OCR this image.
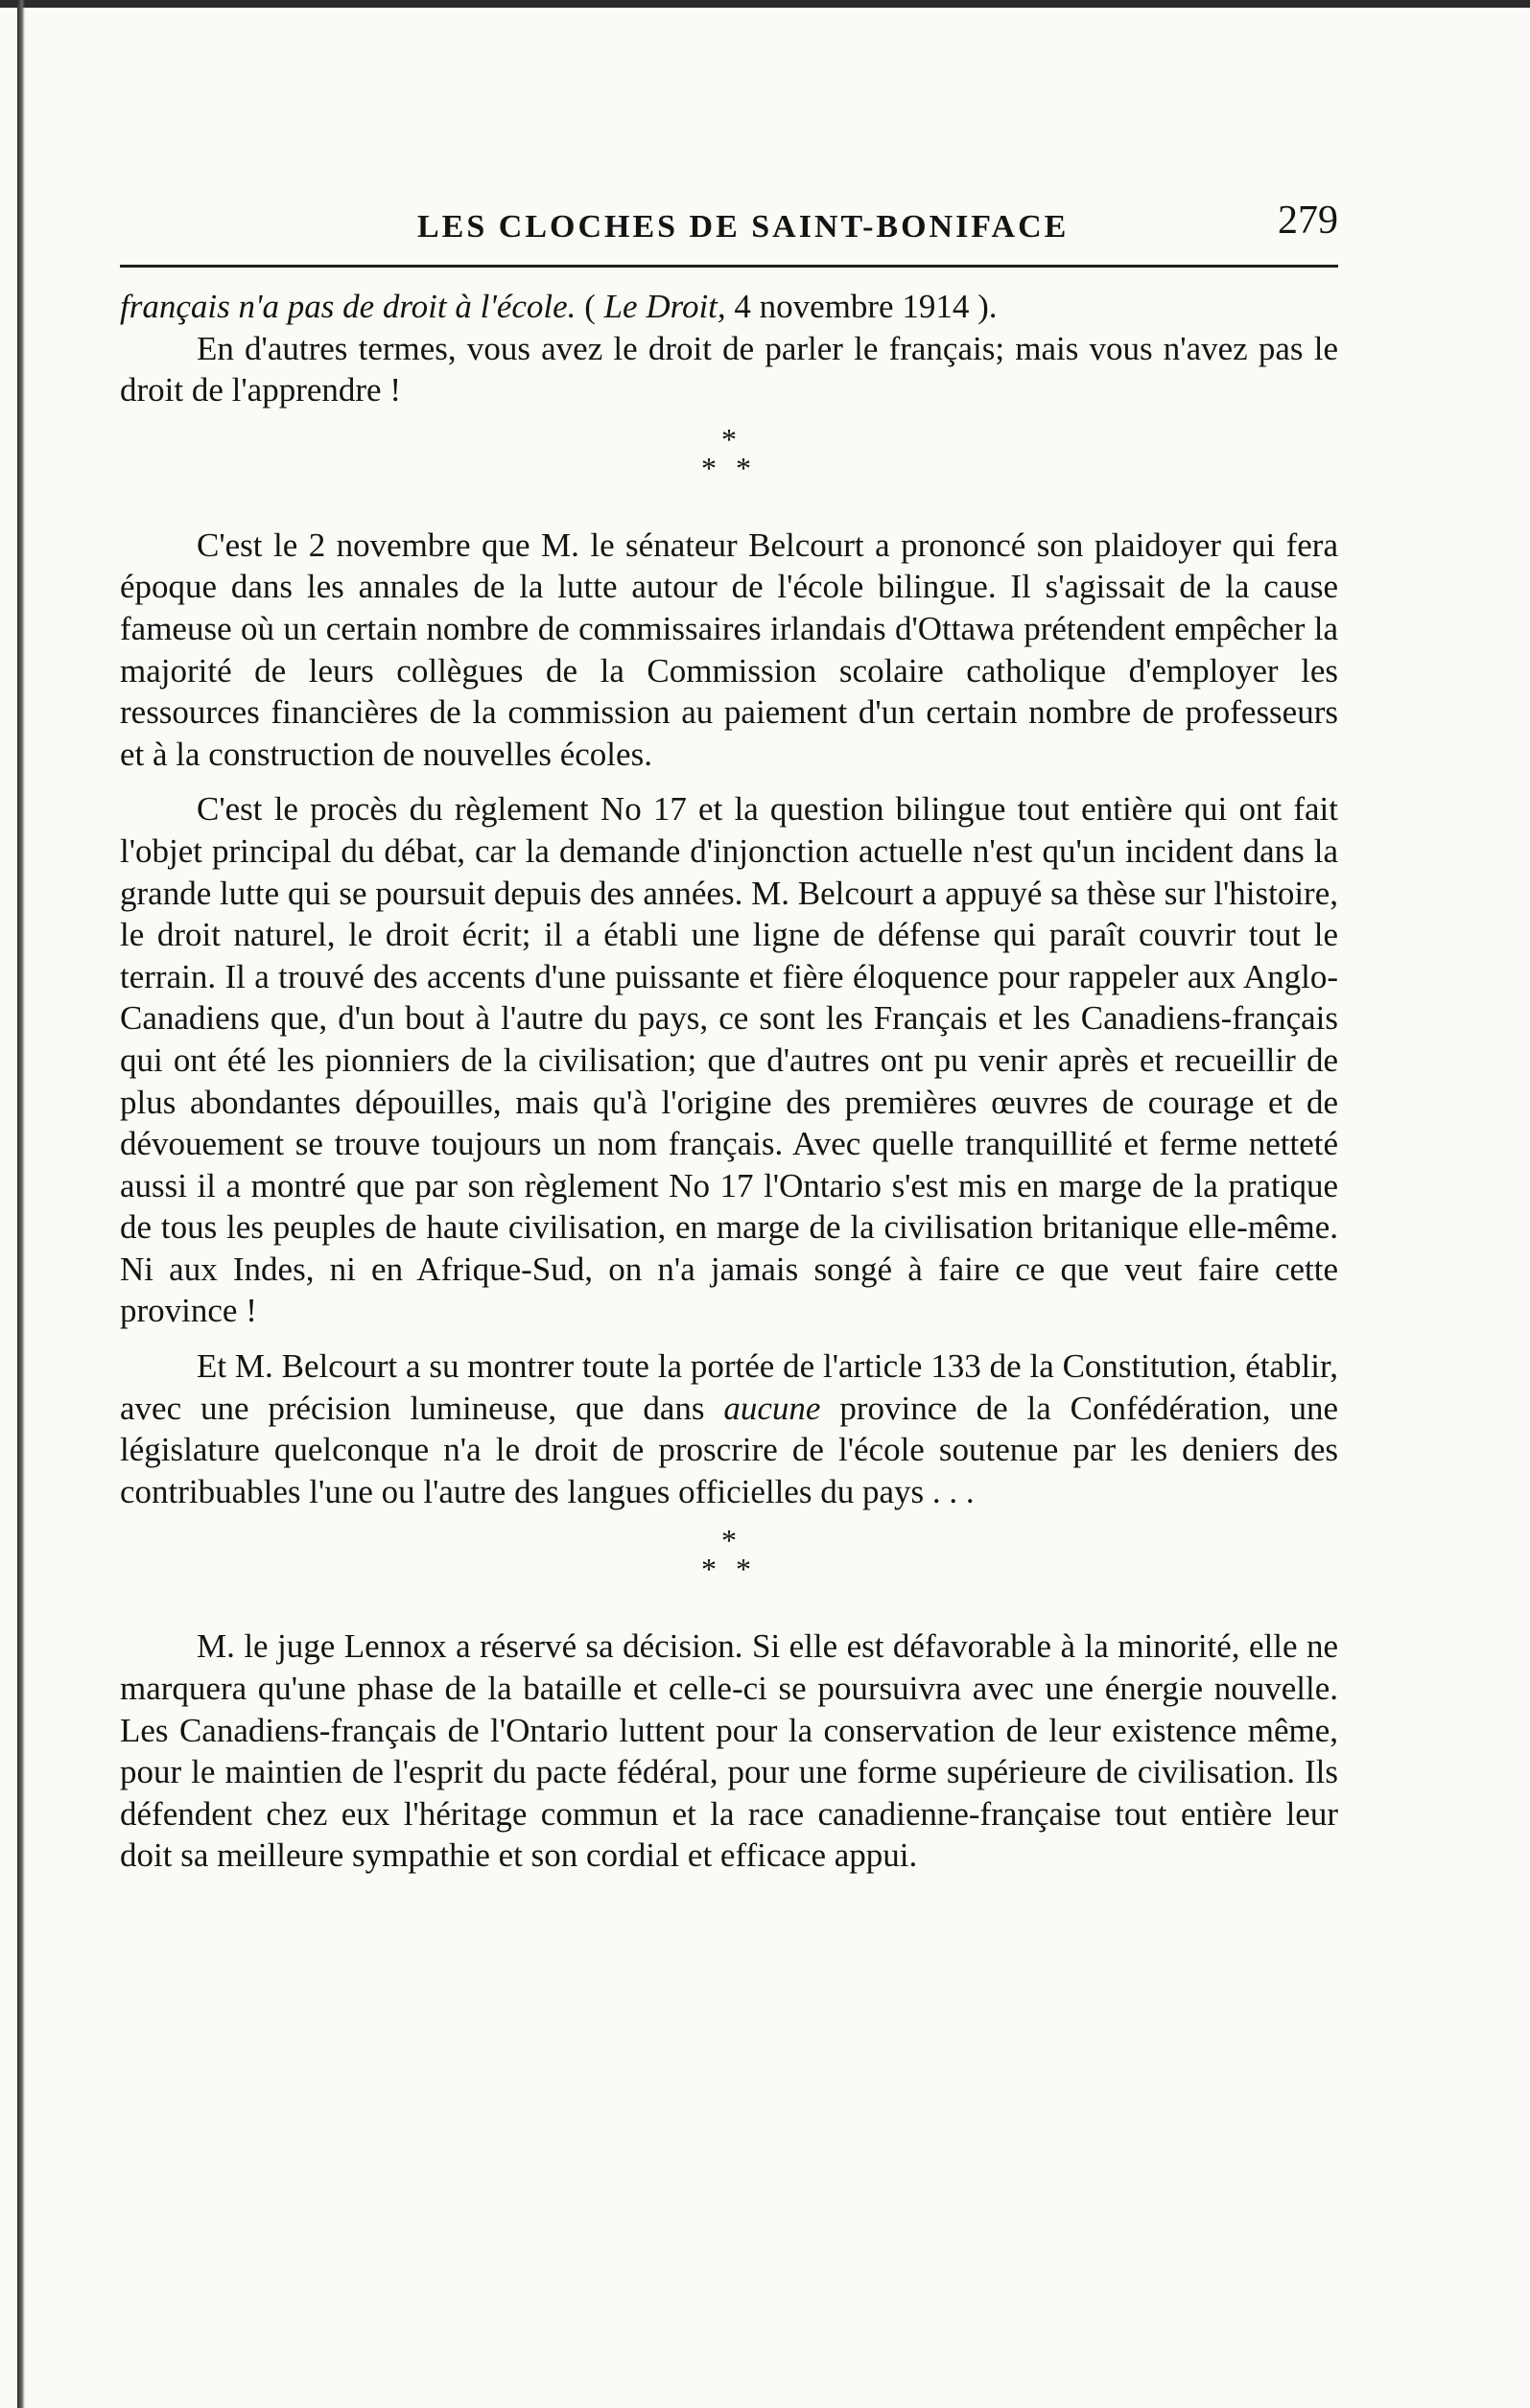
LES CLOCHES DE SAINT-BONIFACE	279

français n'a pas de droit à l'école. ( Le Droit, 4 novembre 1914 ).

En d'autres termes, vous avez le droit de parler le français; mais vous n'avez pas le droit de l'apprendre !

*
* *

C'est le 2 novembre que M. le sénateur Belcourt a prononcé son plaidoyer qui fera époque dans les annales de la lutte autour de l'école bilingue. Il s'agissait de la cause fameuse où un certain nombre de commissaires irlandais d'Ottawa prétendent empêcher la majorité de leurs collègues de la Commission scolaire catholique d'employer les ressources financières de la commission au paiement d'un certain nombre de professeurs et à la construction de nouvelles écoles.

C'est le procès du règlement No 17 et la question bilingue tout entière qui ont fait l'objet principal du débat, car la demande d'injonction actuelle n'est qu'un incident dans la grande lutte qui se poursuit depuis des années. M. Belcourt a appuyé sa thèse sur l'histoire, le droit naturel, le droit écrit; il a établi une ligne de défense qui paraît couvrir tout le terrain. Il a trouvé des accents d'une puissante et fière éloquence pour rappeler aux Anglo-Canadiens que, d'un bout à l'autre du pays, ce sont les Français et les Canadiens-français qui ont été les pionniers de la civilisation; que d'autres ont pu venir après et recueillir de plus abondantes dépouilles, mais qu'à l'origine des premières œuvres de courage et de dévouement se trouve toujours un nom français. Avec quelle tranquillité et ferme netteté aussi il a montré que par son règlement No 17 l'Ontario s'est mis en marge de la pratique de tous les peuples de haute civilisation, en marge de la civilisation britanique elle-même. Ni aux Indes, ni en Afrique-Sud, on n'a jamais songé à faire ce que veut faire cette province !

Et M. Belcourt a su montrer toute la portée de l'article 133 de la Constitution, établir, avec une précision lumineuse, que dans aucune province de la Confédération, une législature quelconque n'a le droit de proscrire de l'école soutenue par les deniers des contribuables l'une ou l'autre des langues officielles du pays . . .

*
* *

M. le juge Lennox a réservé sa décision. Si elle est défavorable à la minorité, elle ne marquera qu'une phase de la bataille et celle-ci se poursuivra avec une énergie nouvelle. Les Canadiens-français de l'Ontario luttent pour la conservation de leur existence même, pour le maintien de l'esprit du pacte fédéral, pour une forme supérieure de civilisation. Ils défendent chez eux l'héritage commun et la race canadienne-française tout entière leur doit sa meilleure sympathie et son cordial et efficace appui.
